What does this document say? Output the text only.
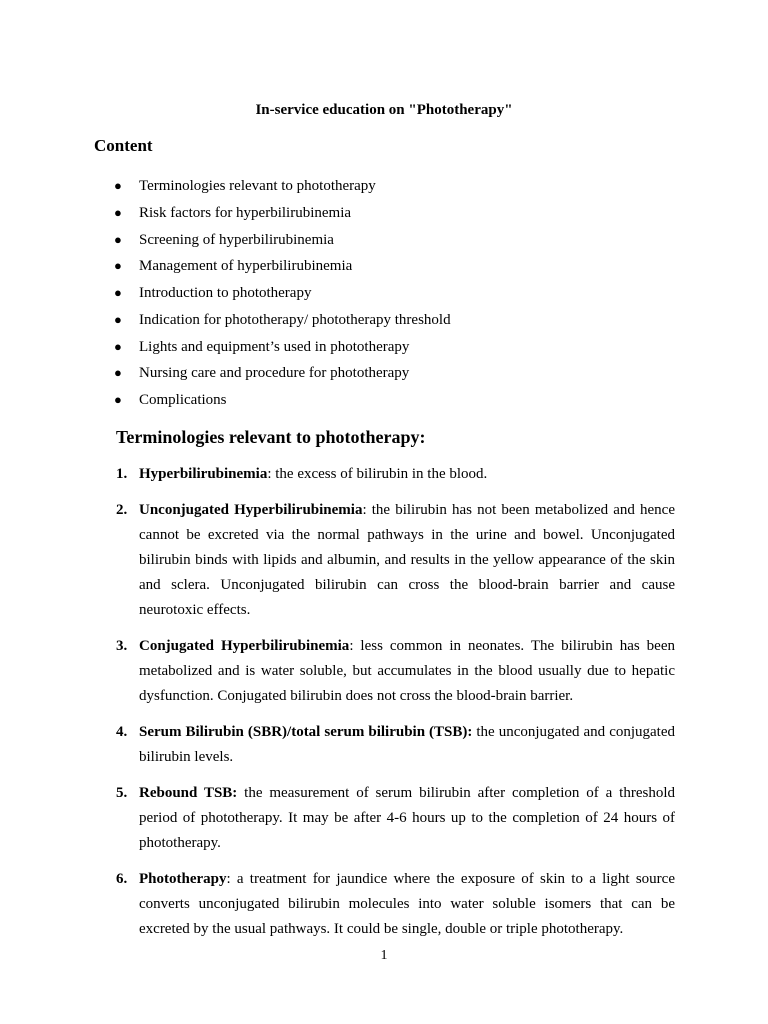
In-service education on "Phototherapy"
Content
● Terminologies relevant to phototherapy
● Risk factors for hyperbilirubinemia
● Screening of hyperbilirubinemia
● Management of hyperbilirubinemia
● Introduction to phototherapy
● Indication for phototherapy/ phototherapy threshold
● Lights and equipment’s used in phototherapy
● Nursing care and procedure for phototherapy
● Complications
Terminologies relevant to phototherapy:
1. Hyperbilirubinemia: the excess of bilirubin in the blood.
2. Unconjugated Hyperbilirubinemia: the bilirubin has not been metabolized and hence cannot be excreted via the normal pathways in the urine and bowel. Unconjugated bilirubin binds with lipids and albumin, and results in the yellow appearance of the skin and sclera. Unconjugated bilirubin can cross the blood-brain barrier and cause neurotoxic effects.
3. Conjugated Hyperbilirubinemia: less common in neonates. The bilirubin has been metabolized and is water soluble, but accumulates in the blood usually due to hepatic dysfunction. Conjugated bilirubin does not cross the blood-brain barrier.
4. Serum Bilirubin (SBR)/total serum bilirubin (TSB): the unconjugated and conjugated bilirubin levels.
5. Rebound TSB: the measurement of serum bilirubin after completion of a threshold period of phototherapy. It may be after 4-6 hours up to the completion of 24 hours of phototherapy.
6. Phototherapy: a treatment for jaundice where the exposure of skin to a light source converts unconjugated bilirubin molecules into water soluble isomers that can be excreted by the usual pathways. It could be single, double or triple phototherapy.
1
